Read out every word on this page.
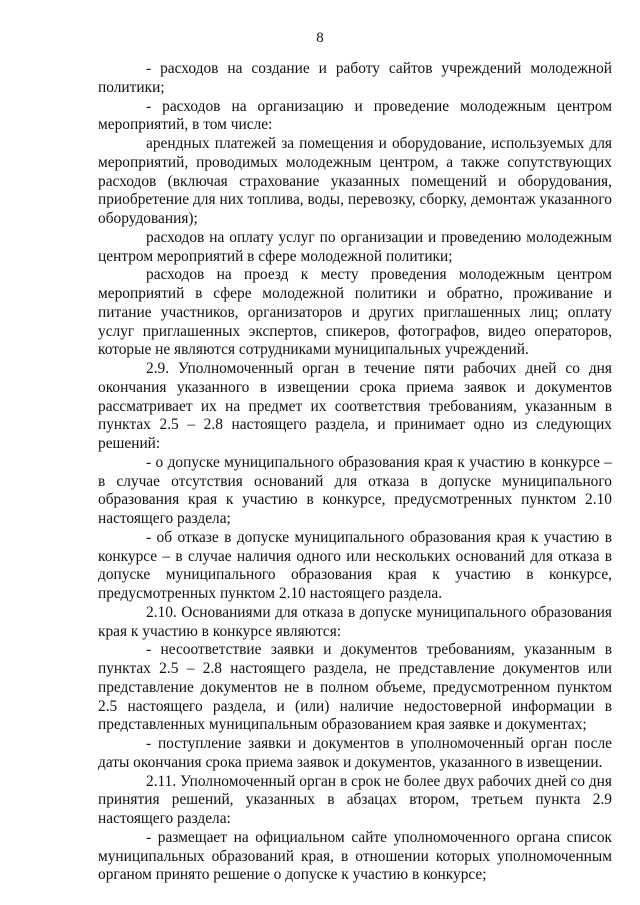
8

- расходов на создание и работу сайтов учреждений молодежной политики;

- расходов на организацию и проведение молодежным центром мероприятий, в том числе:

арендных платежей за помещения и оборудование, используемых для мероприятий, проводимых молодежным центром, а также сопутствующих расходов (включая страхование указанных помещений и оборудования, приобретение для них топлива, воды, перевозку, сборку, демонтаж указанного оборудования);

расходов на оплату услуг по организации и проведению молодежным центром мероприятий в сфере молодежной политики;

расходов на проезд к месту проведения молодежным центром мероприятий в сфере молодежной политики и обратно, проживание и питание участников, организаторов и других приглашенных лиц; оплату услуг приглашенных экспертов, спикеров, фотографов, видео операторов, которые не являются сотрудниками муниципальных учреждений.

2.9. Уполномоченный орган в течение пяти рабочих дней со дня окончания указанного в извещении срока приема заявок и документов рассматривает их на предмет их соответствия требованиям, указанным в пунктах 2.5 – 2.8 настоящего раздела, и принимает одно из следующих решений:

- о допуске муниципального образования края к участию в конкурсе – в случае отсутствия оснований для отказа в допуске муниципального образования края к участию в конкурсе, предусмотренных пунктом 2.10 настоящего раздела;

- об отказе в допуске муниципального образования края к участию в конкурсе – в случае наличия одного или нескольких оснований для отказа в допуске муниципального образования края к участию в конкурсе, предусмотренных пунктом 2.10 настоящего раздела.

2.10. Основаниями для отказа в допуске муниципального образования края к участию в конкурсе являются:

- несоответствие заявки и документов требованиям, указанным в пунктах 2.5 – 2.8 настоящего раздела, не представление документов или представление документов не в полном объеме, предусмотренном пунктом 2.5 настоящего раздела, и (или) наличие недостоверной информации в представленных муниципальным образованием края заявке и документах;

- поступление заявки и документов в уполномоченный орган после даты окончания срока приема заявок и документов, указанного в извещении.

2.11. Уполномоченный орган в срок не более двух рабочих дней со дня принятия решений, указанных в абзацах втором, третьем пункта 2.9 настоящего раздела:

- размещает на официальном сайте уполномоченного органа список муниципальных образований края, в отношении которых уполномоченным органом принято решение о допуске к участию в конкурсе;
